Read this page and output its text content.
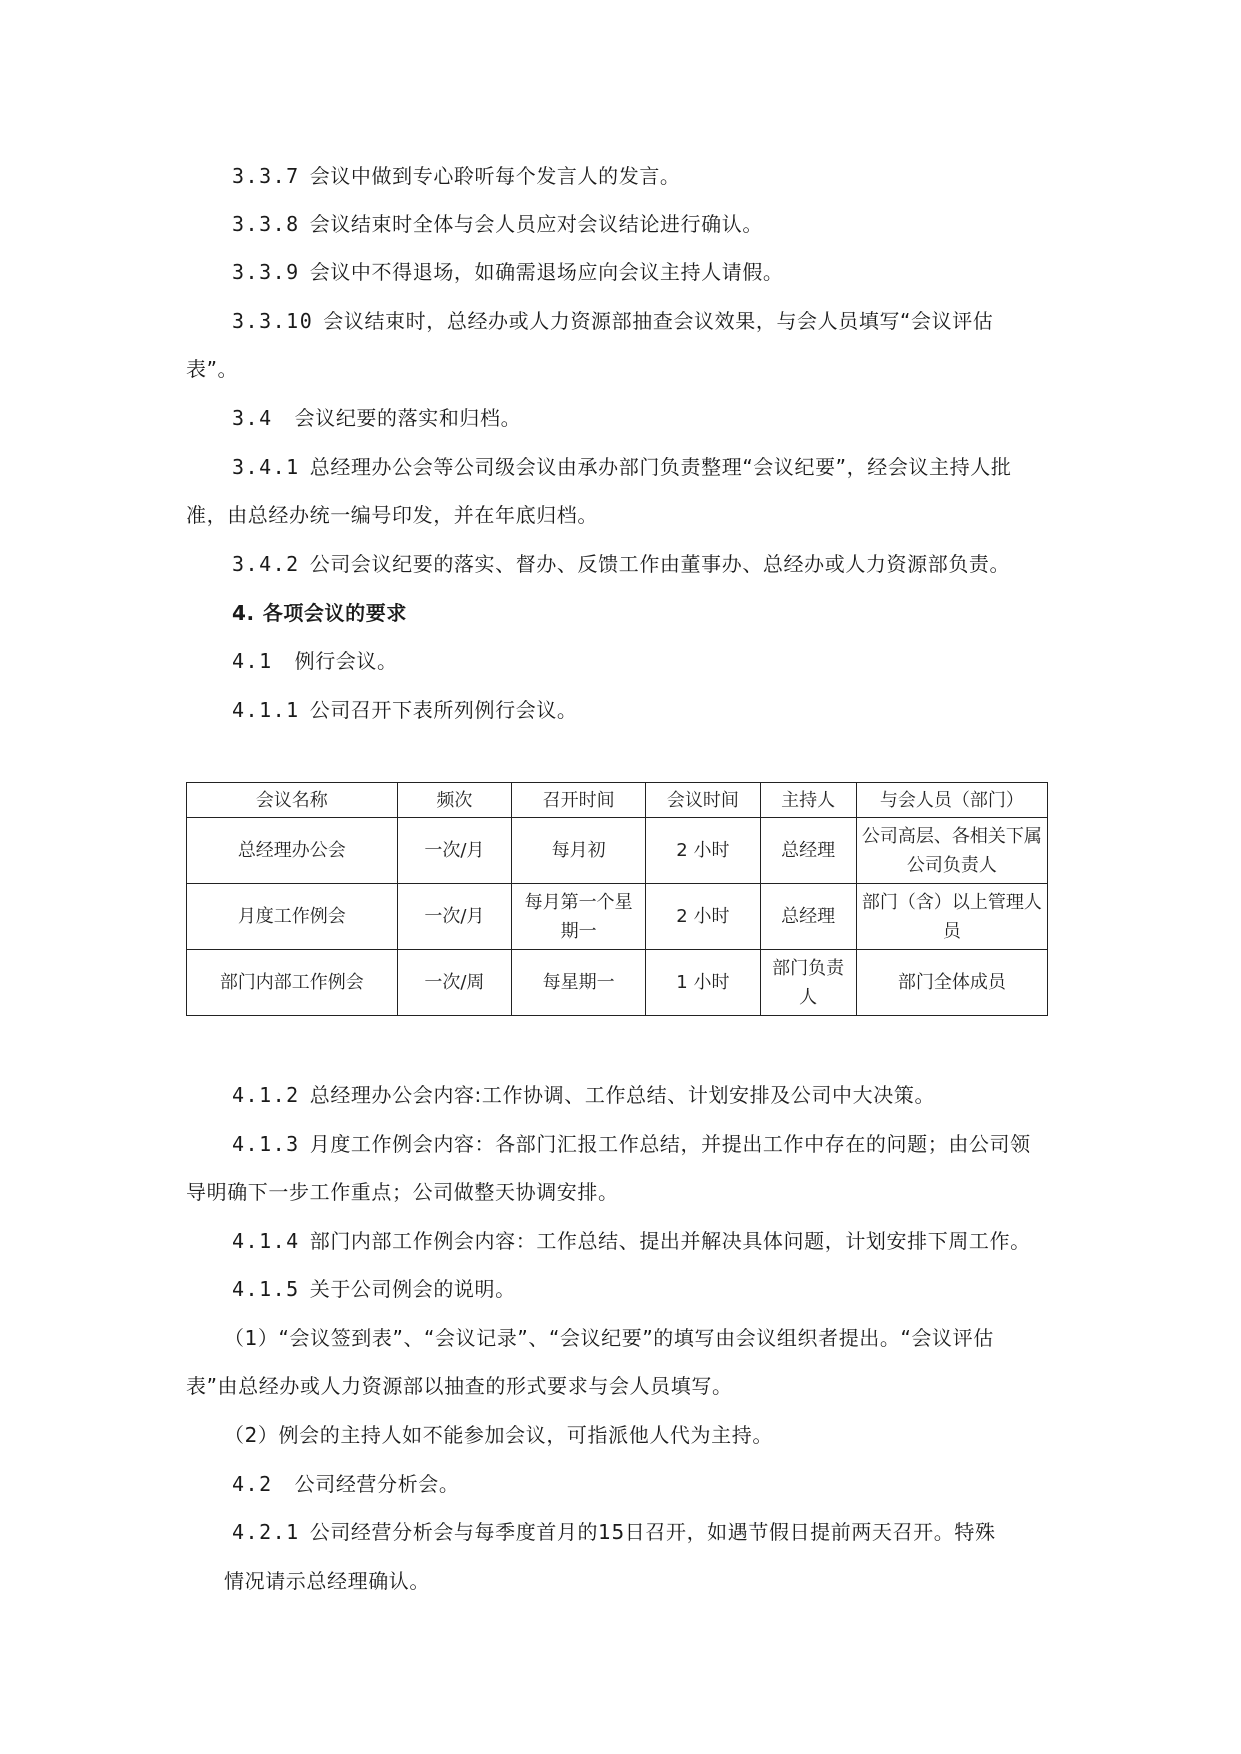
3.3.7 会议中做到专心聆听每个发言人的发言。
3.3.8 会议结束时全体与会人员应对会议结论进行确认。
3.3.9 会议中不得退场，如确需退场应向会议主持人请假。
3.3.10 会议结束时，总经办或人力资源部抽查会议效果，与会人员填写“会议评估
表”。
3.4 会议纪要的落实和归档。
3.4.1 总经理办公会等公司级会议由承办部门负责整理“会议纪要”，经会议主持人批
准，由总经办统一编号印发，并在年底归档。
3.4.2 公司会议纪要的落实、督办、反馈工作由董事办、总经办或人力资源部负责。
4. 各项会议的要求
4.1 例行会议。
4.1.1 公司召开下表所列例行会议。
会议名称	频次	召开时间	会议时间	主持人	与会人员（部门）
总经理办公会	一次/月	每月初	2 小时	总经理	公司高层、各相关下属公司负责人
月度工作例会	一次/月	每月第一个星期一	2 小时	总经理	部门（含）以上管理人员
部门内部工作例会	一次/周	每星期一	1 小时	部门负责人	部门全体成员
4.1.2 总经理办公会内容:工作协调、工作总结、计划安排及公司中大决策。
4.1.3 月度工作例会内容：各部门汇报工作总结，并提出工作中存在的问题；由公司领
导明确下一步工作重点；公司做整天协调安排。
4.1.4 部门内部工作例会内容：工作总结、提出并解决具体问题，计划安排下周工作。
4.1.5 关于公司例会的说明。
（1）“会议签到表”、“会议记录”、“会议纪要”的填写由会议组织者提出。“会议评估
表”由总经办或人力资源部以抽查的形式要求与会人员填写。
（2）例会的主持人如不能参加会议，可指派他人代为主持。
4.2 公司经营分析会。
4.2.1 公司经营分析会与每季度首月的15日召开，如遇节假日提前两天召开。特殊
情况请示总经理确认。
